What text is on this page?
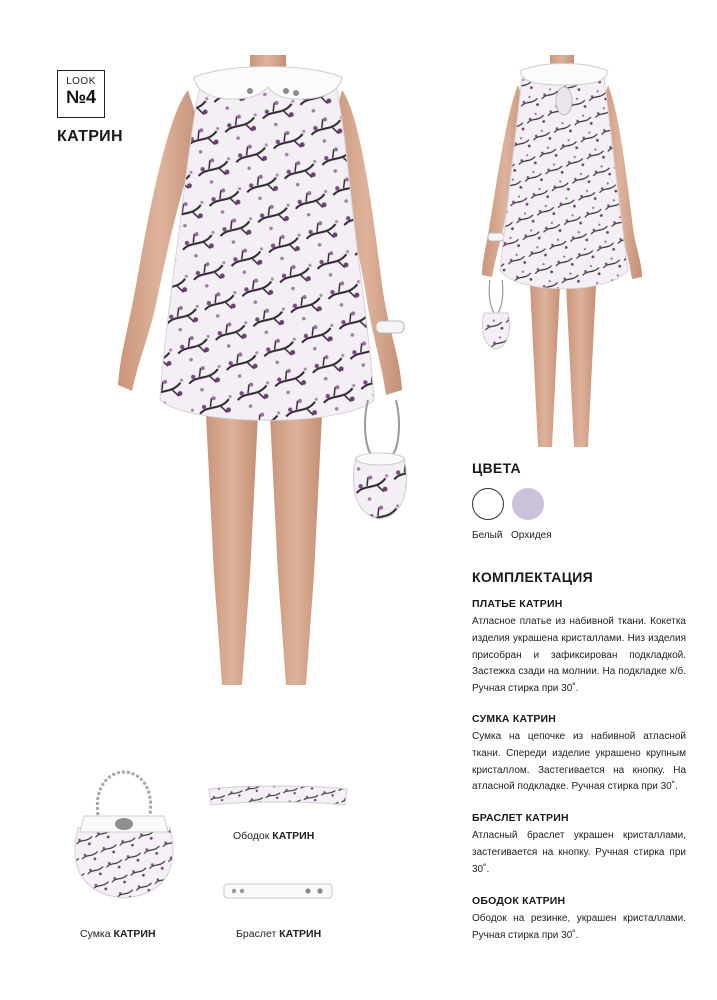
LOOK
№4
КАТРИН
ЦВЕТА
Белый Орхидея
КОМПЛЕКТАЦИЯ
ПЛАТЬЕ КАТРИН
Атласное платье из набивной ткани. Кокетка изделия украшена кристаллами. Низ изделия присобран и зафиксирован подкладкой. Застежка сзади на молнии. На подкладке х/б. Ручная стирка при 30˚.
СУМКА КАТРИН
Сумка на цепочке из набивной атласной ткани. Спереди изделие украшено крупным кристаллом. Застегивается на кнопку. На атласной подкладке. Ручная стирка при 30˚.
БРАСЛЕТ КАТРИН
Атласный браслет украшен кристаллами, застегивается на кнопку. Ручная стирка при 30˚.
ОБОДОК КАТРИН
Ободок на резинке, украшен кристаллами. Ручная стирка при 30˚.
Ободок КАТРИН
Сумка КАТРИН	Браслет КАТРИН
